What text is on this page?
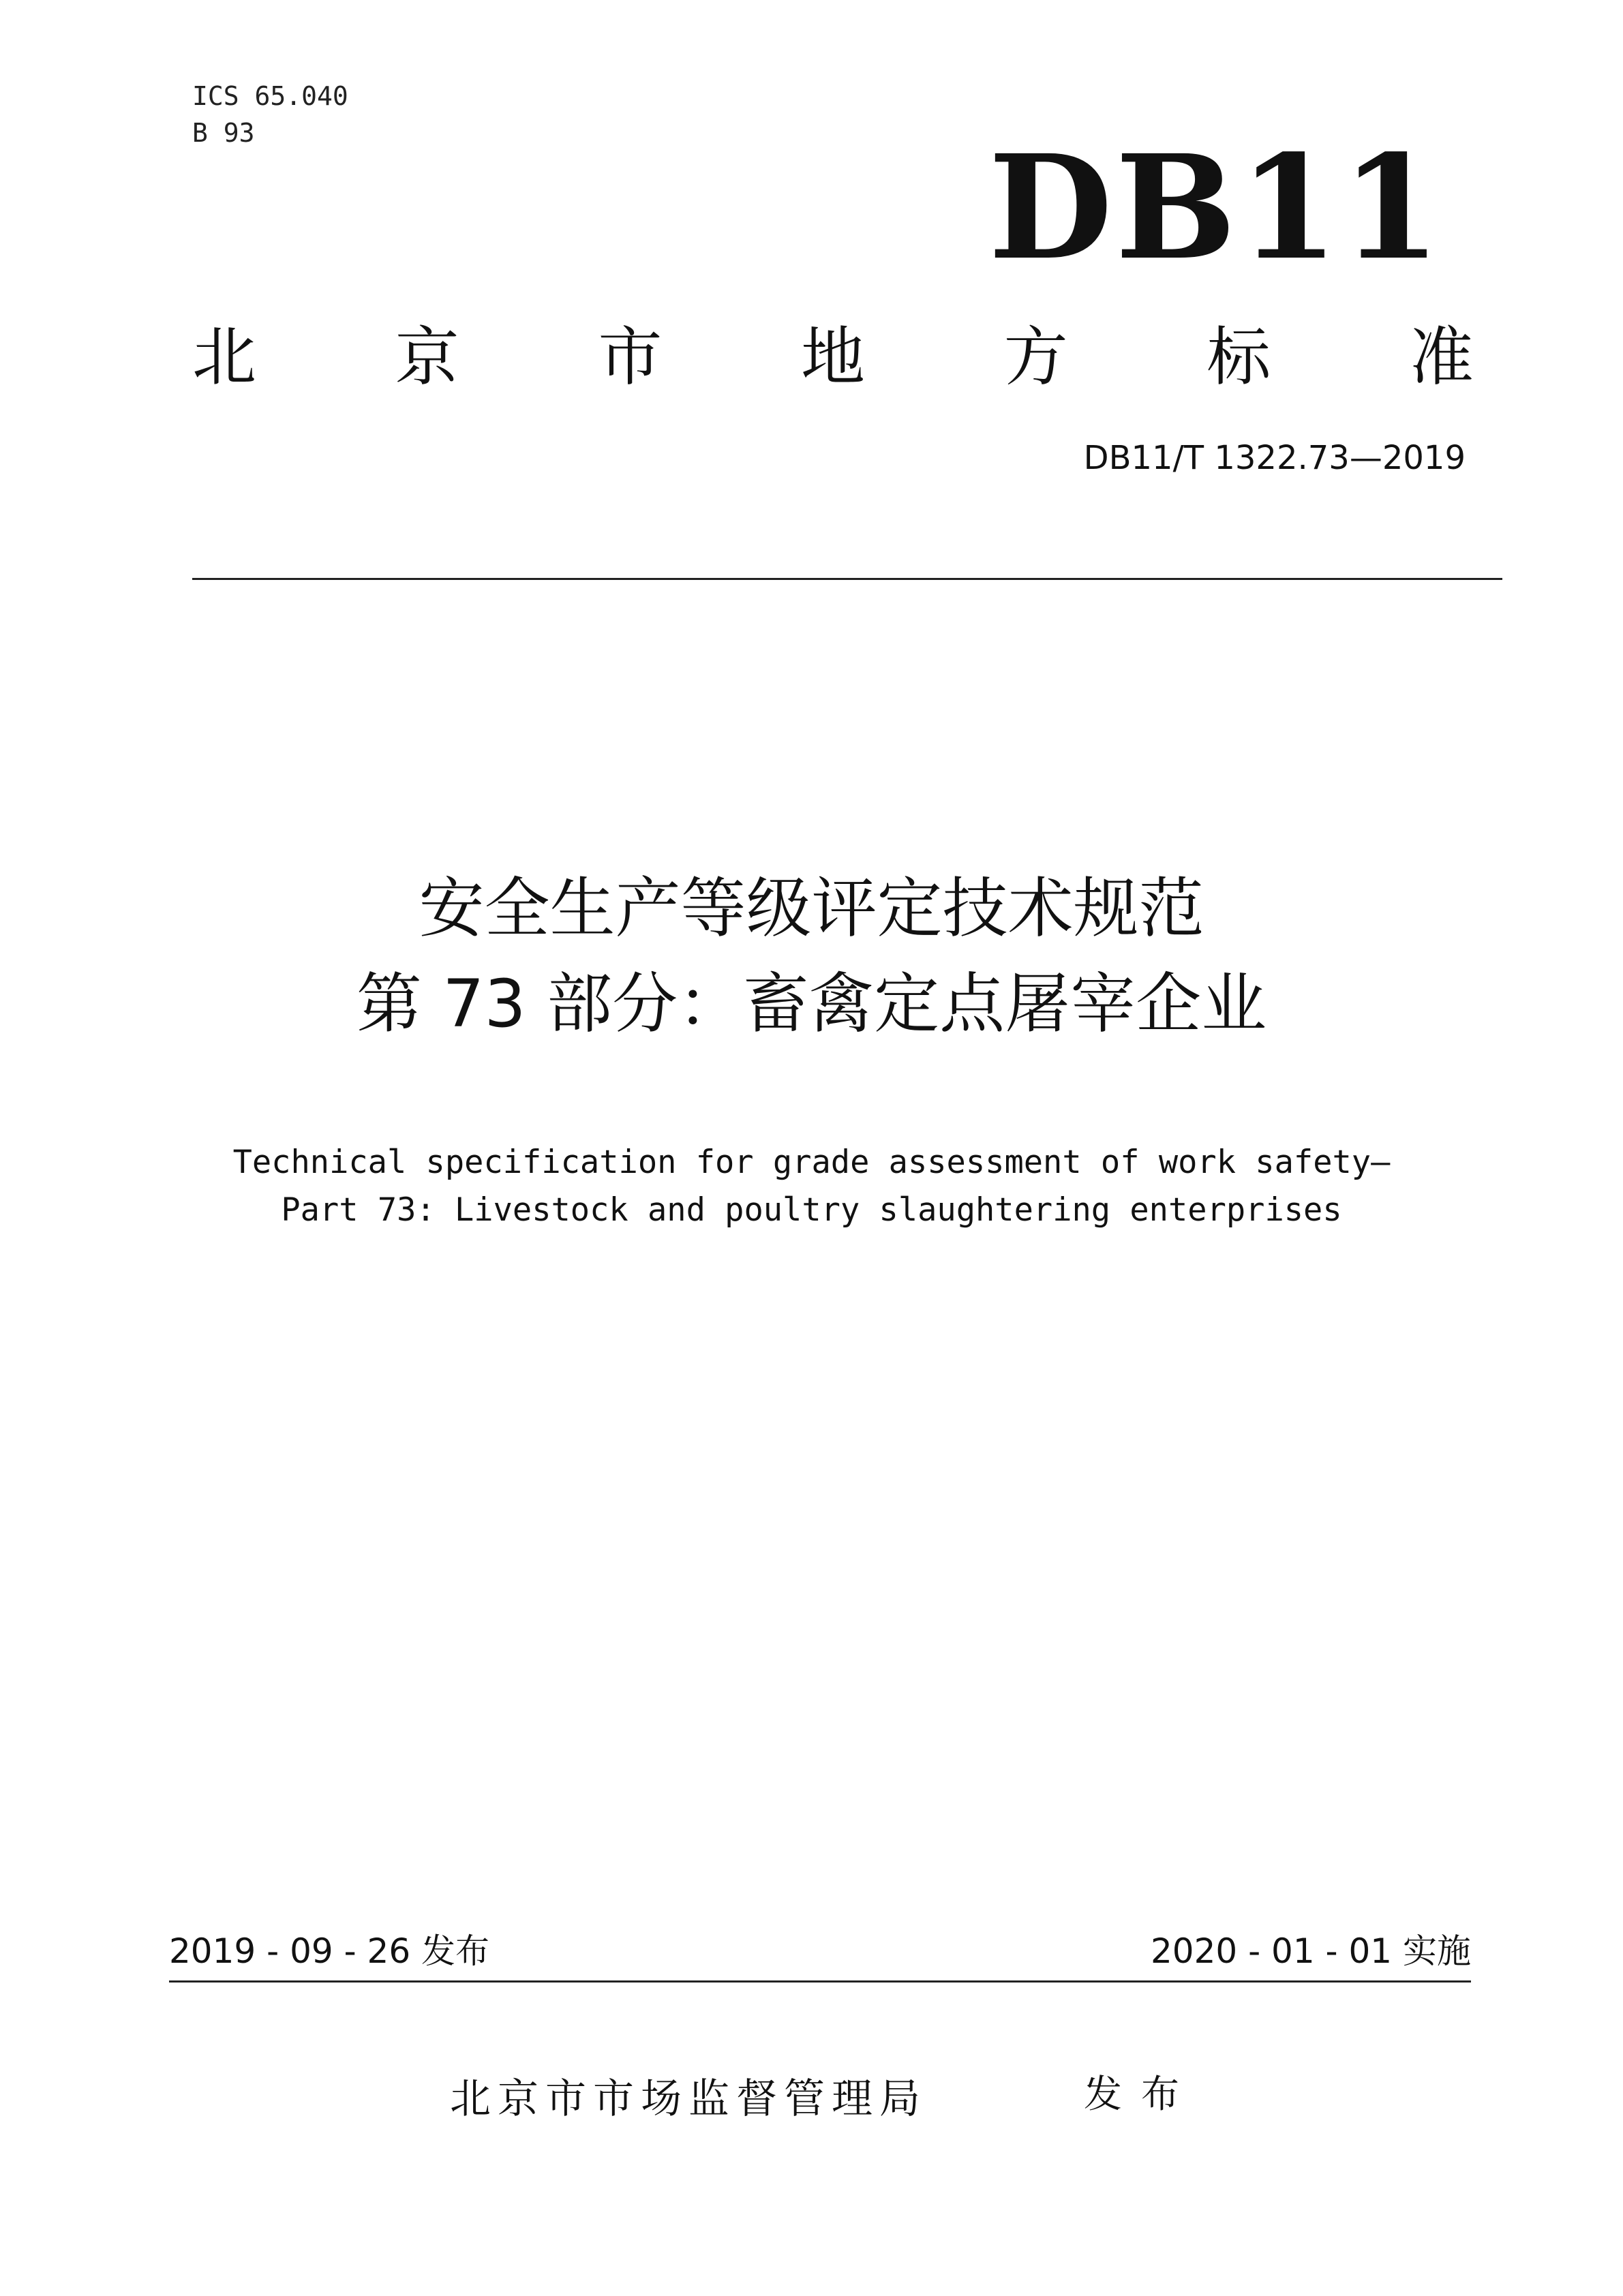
ICS 65.040
B 93	DB11
北 京 市 地 方 标 准
DB11/T 1322.73—2019
安全生产等级评定技术规范
第 73 部分：畜禽定点屠宰企业
Technical specification for grade assessment of work safety—
Part 73: Livestock and poultry slaughtering enterprises
2019 - 09 - 26 发布	2020 - 01 - 01 实施
北京市市场监督管理局	发布
